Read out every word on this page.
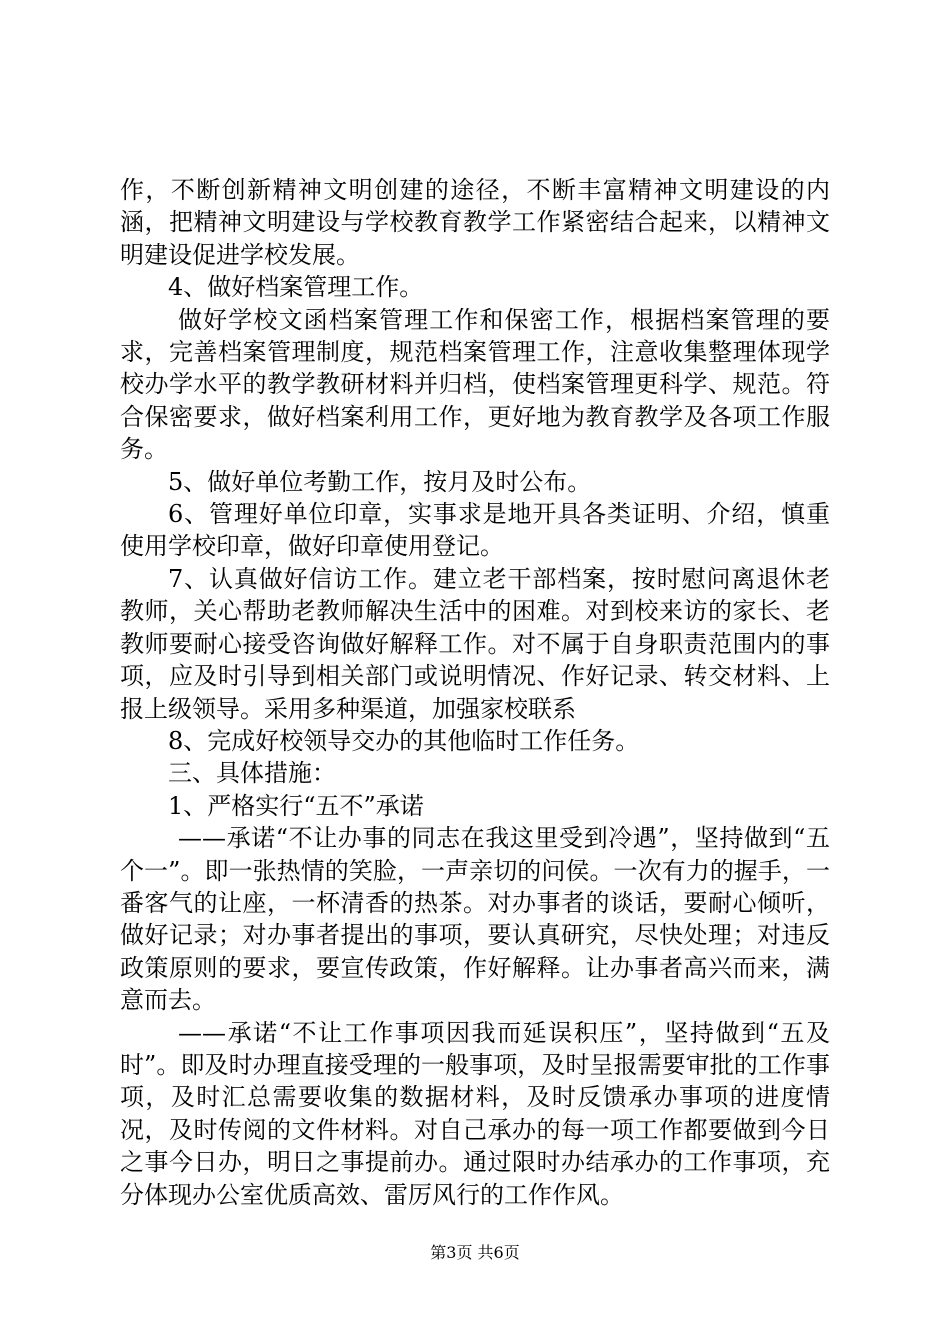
作，不断创新精神文明创建的途径，不断丰富精神文明建设的内涵，把精神文明建设与学校教育教学工作紧密结合起来，以精神文明建设促进学校发展。

4、做好档案管理工作。

做好学校文函档案管理工作和保密工作，根据档案管理的要求，完善档案管理制度，规范档案管理工作，注意收集整理体现学校办学水平的教学教研材料并归档，使档案管理更科学、规范。符合保密要求，做好档案利用工作，更好地为教育教学及各项工作服务。

5、做好单位考勤工作，按月及时公布。

6、管理好单位印章，实事求是地开具各类证明、介绍，慎重使用学校印章，做好印章使用登记。

7、认真做好信访工作。建立老干部档案，按时慰问离退休老教师，关心帮助老教师解决生活中的困难。对到校来访的家长、老教师要耐心接受咨询做好解释工作。对不属于自身职责范围内的事项，应及时引导到相关部门或说明情况、作好记录、转交材料、上报上级领导。采用多种渠道，加强家校联系

8、完成好校领导交办的其他临时工作任务。

三、具体措施：

1、严格实行“五不”承诺

——承诺“不让办事的同志在我这里受到冷遇”，坚持做到“五个一”。即一张热情的笑脸，一声亲切的问侯。一次有力的握手，一番客气的让座，一杯清香的热茶。对办事者的谈话，要耐心倾听，做好记录；对办事者提出的事项，要认真研究，尽快处理；对违反政策原则的要求，要宣传政策，作好解释。让办事者高兴而来，满意而去。

——承诺“不让工作事项因我而延误积压”，坚持做到“五及时”。即及时办理直接受理的一般事项，及时呈报需要审批的工作事项，及时汇总需要收集的数据材料，及时反馈承办事项的进度情况，及时传阅的文件材料。对自己承办的每一项工作都要做到今日之事今日办，明日之事提前办。通过限时办结承办的工作事项，充分体现办公室优质高效、雷厉风行的工作作风。

第3页 共6页
